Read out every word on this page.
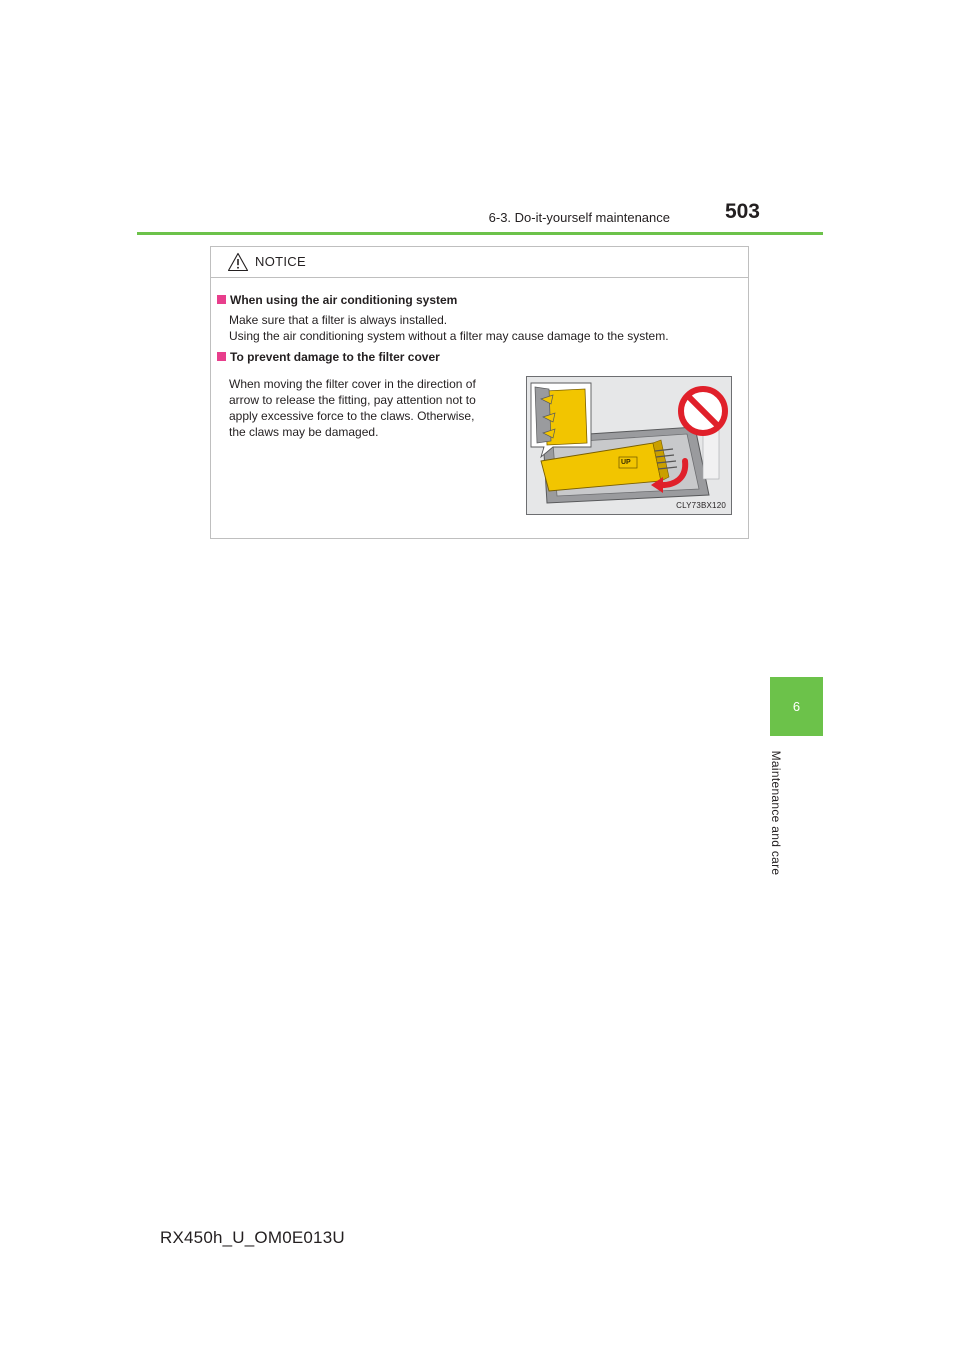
6-3. Do-it-yourself maintenance	503
6
Maintenance and care
NOTICE
When using the air conditioning system
Make sure that a filter is always installed.
Using the air conditioning system without a filter may cause damage to the system.
To prevent damage to the filter cover
When moving the filter cover in the direction of
arrow to release the fitting, pay attention not to
apply excessive force to the claws. Otherwise,
the claws may be damaged.
UP
CLY73BX120
RX450h_U_OM0E013U
